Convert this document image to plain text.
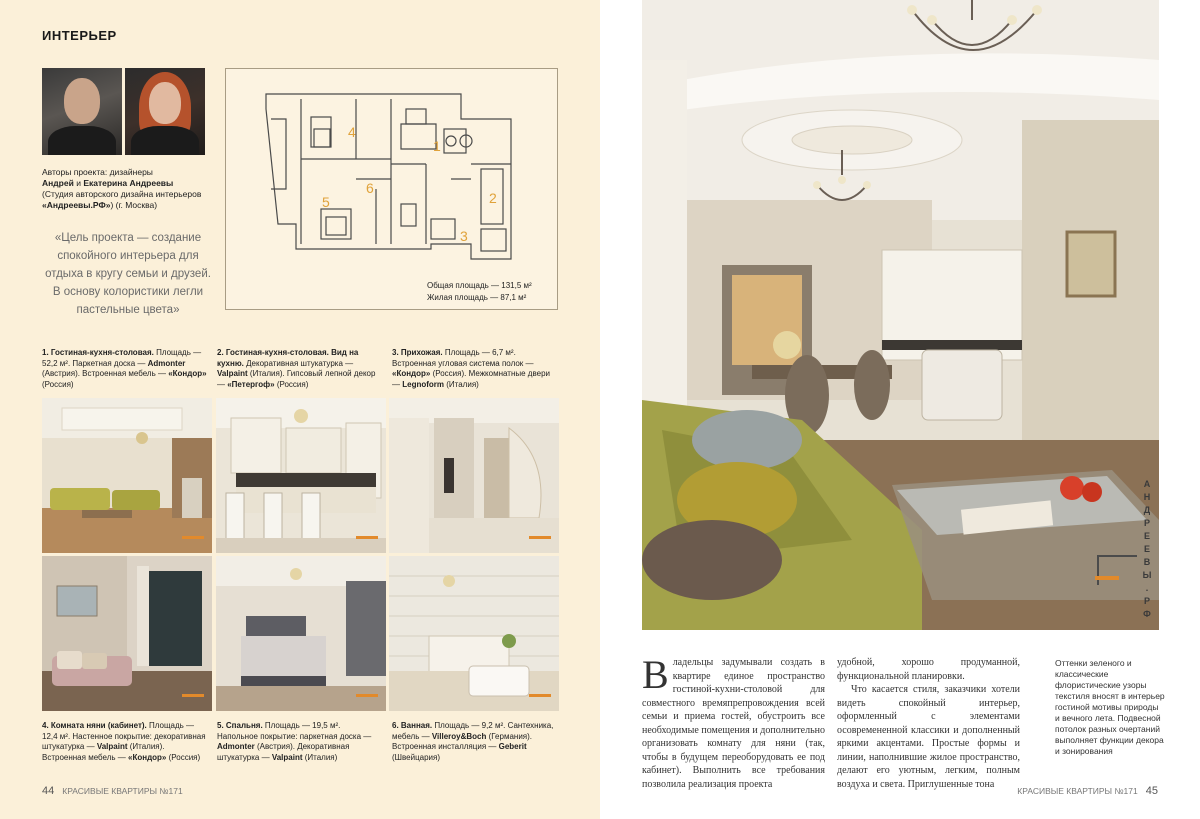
ИНТЕРЬЕР
Авторы проекта: дизайнеры
Андрей и Екатерина Андреевы
(Студия авторского дизайна интерьеров
«Андреевы.РФ») (г. Москва)
«Цель проекта — создание спокойного интерьера для отдыха в кругу семьи и друзей. В основу колористики легли пастельные цвета»
1
2
3
4
5
6
Общая площадь — 131,5 м²
Жилая площадь — 87,1 м²
1. Гостиная-кухня-столовая. Площадь — 52,2 м². Паркетная доска — Admonter (Австрия). Встроенная мебель — «Кондор» (Россия)
2. Гостиная-кухня-столовая. Вид на кухню. Декоративная штукатурка — Valpaint (Италия). Гипсовый лепной декор — «Петергоф» (Россия)
3. Прихожая. Площадь — 6,7 м². Встроенная угловая система полок — «Кондор» (Россия). Межкомнатные двери — Legnoform (Италия)
4. Комната няни (кабинет). Площадь — 12,4 м². Настенное покрытие: декоративная штукатурка — Valpaint (Италия). Встроенная мебель — «Кондор» (Россия)
5. Спальня. Площадь — 19,5 м². Напольное покрытие: паркетная доска — Admonter (Австрия). Декоративная штукатурка — Valpaint (Италия)
6. Ванная. Площадь — 9,2 м². Сантехника, мебель — Villeroy&Boch (Германия). Встроенная инсталляция — Geberit (Швейцария)
44 КРАСИВЫЕ КВАРТИРЫ №171
А
Н
Д
Р
Е
Е
В
Ы
.
Р
Ф
Владельцы задумывали создать в квартире единое пространство гостиной-кухни-столовой для совместного времяпрепровождения всей семьи и приема гостей, обустроить все необходимые помещения и дополнительно организовать комнату для няни (так, чтобы в будущем переоборудовать ее под кабинет). Выполнить все требования позволила реализация проекта

удобной, хорошо продуманной, функциональной планировки.

Что касается стиля, заказчики хотели видеть спокойный интерьер, оформленный с элементами осовремененной классики и дополненный яркими акцентами. Простые формы и линии, наполнившие жилое пространство, делают его уютным, легким, полным воздуха и света. Приглушенные тона

Оттенки зеленого и классические флористические узоры текстиля вносят в интерьер гостиной мотивы природы и вечного лета. Подвесной потолок разных очертаний выполняет функции декора и зонирования
КРАСИВЫЕ КВАРТИРЫ №171 45
